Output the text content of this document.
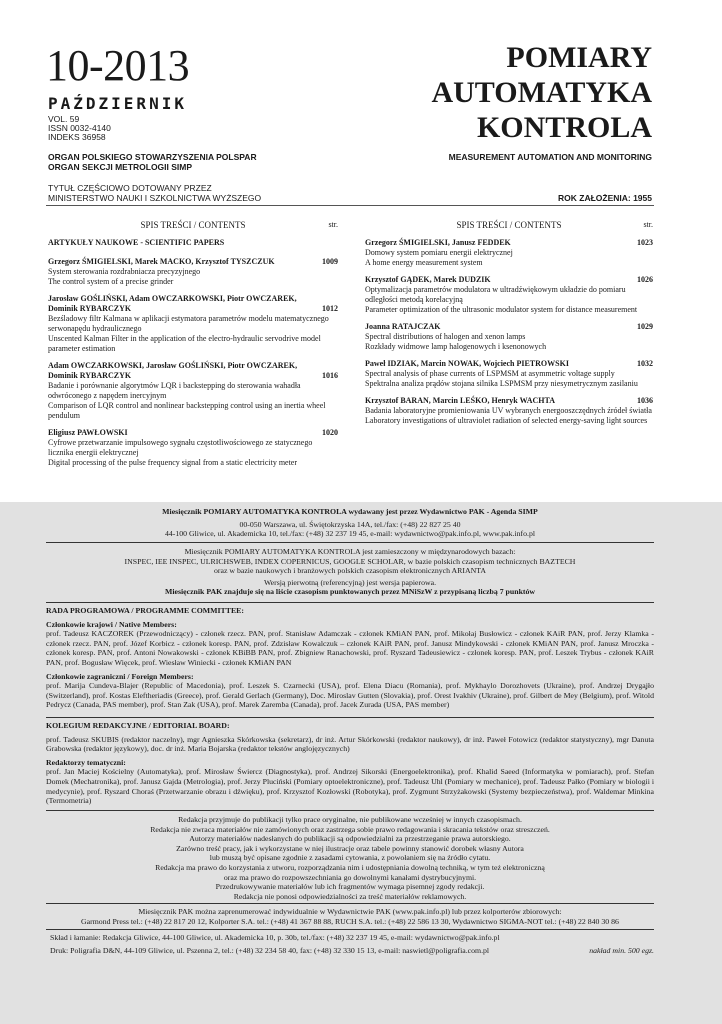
10-2013
PAŹDZIERNIK
VOL. 59
ISSN 0032-4140
INDEKS 36958
POMIARY
AUTOMATYKA
KONTROLA
ORGAN POLSKIEGO STOWARZYSZENIA POLSPAR
ORGAN SEKCJI METROLOGII SIMP
MEASUREMENT AUTOMATION AND MONITORING
TYTUŁ CZĘŚCIOWO DOTOWANY PRZEZ
MINISTERSTWO NAUKI I SZKOLNICTWA WYŻSZEGO	ROK ZAŁOŻENIA: 1955
SPIS TREŚCI / CONTENTS	str.
ARTYKUŁY NAUKOWE - SCIENTIFIC PAPERS
Grzegorz ŚMIGIELSKI, Marek MACKO, Krzysztof TYSZCZUK	1009
System sterowania rozdrabniacza precyzyjnego
The control system of a precise grinder
Jarosław GOŚLIŃSKI, Adam OWCZARKOWSKI, Piotr OWCZAREK, Dominik RYBARCZYK	1012
Bezśladowy filtr Kalmana w aplikacji estymatora parametrów modelu matematycznego serwonapędu hydraulicznego
Unscented Kalman Filter in the application of the electro-hydraulic servodrive model parameter estimation
Adam OWCZARKOWSKI, Jarosław GOŚLIŃSKI, Piotr OWCZAREK, Dominik RYBARCZYK	1016
Badanie i porównanie algorytmów LQR i backstepping do sterowania wahadła odwróconego z napędem inercyjnym
Comparison of LQR control and nonlinear backstepping control using an inertia wheel pendulum
Eligiusz PAWŁOWSKI	1020
Cyfrowe przetwarzanie impulsowego sygnału częstotliwościowego ze statycznego licznika energii elektrycznej
Digital processing of the pulse frequency signal from a static electricity meter
SPIS TREŚCI / CONTENTS	str.
Grzegorz ŚMIGIELSKI, Janusz FEDDEK	1023
Domowy system pomiaru energii elektrycznej
A home energy measurement system
Krzysztof GĄDEK, Marek DUDZIK	1026
Optymalizacja parametrów modulatora w ultradźwiękowym układzie do pomiaru odległości metodą korelacyjną
Parameter optimization of the ultrasonic modulator system for distance measurement
Joanna RATAJCZAK	1029
Spectral distributions of halogen and xenon lamps
Rozkłady widmowe lamp halogenowych i ksenonowych
Paweł IDZIAK, Marcin NOWAK, Wojciech PIETROWSKI	1032
Spectral analysis of phase currents of LSPMSM at asymmetric voltage supply
Spektralna analiza prądów stojana silnika LSPMSM przy niesymetrycznym zasilaniu
Krzysztof BARAN, Marcin LEŚKO, Henryk WACHTA	1036
Badania laboratoryjne promieniowania UV wybranych energooszczędnych źródeł światła
Laboratory investigations of ultraviolet radiation of selected energy-saving light sources
Miesięcznik POMIARY AUTOMATYKA KONTROLA wydawany jest przez Wydawnictwo PAK - Agenda SIMP
00-050 Warszawa, ul. Świętokrzyska 14A, tel./fax: (+48) 22 827 25 40
44-100 Gliwice, ul. Akademicka 10, tel./fax: (+48) 32 237 19 45, e-mail: wydawnictwo@pak.info.pl, www.pak.info.pl
Miesięcznik POMIARY AUTOMATYKA KONTROLA jest zamieszczony w międzynarodowych bazach:
INSPEC, IEE INSPEC, ULRICHSWEB, INDEX COPERNICUS, GOOGLE SCHOLAR, w bazie polskich czasopism technicznych BAZTECH
oraz w bazie naukowych i branżowych polskich czasopism elektronicznych ARIANTA
Wersją pierwotną (referencyjną) jest wersja papierowa.
Miesięcznik PAK znajduje się na liście czasopism punktowanych przez MNiSzW z przypisaną liczbą 7 punktów
RADA PROGRAMOWA / PROGRAMME COMMITTEE:
Członkowie krajowi / Native Members:
prof. Tadeusz KACZOREK (Przewodniczący) - członek rzecz. PAN, prof. Stanisław Adamczak - członek KMiAN PAN, prof. Mikołaj Busłowicz - członek KAiR PAN, prof. Jerzy Klamka - członek rzecz. PAN, prof. Józef Korbicz - członek koresp. PAN, prof. Zdzisław Kowalczuk – członek KAiR PAN, prof. Janusz Mindykowski - członek KMiAN PAN, prof. Janusz Mroczka - członek koresp. PAN, prof. Antoni Nowakowski - członek KBiBB PAN, prof. Zbigniew Ranachowski, prof. Ryszard Tadeusiewicz - członek koresp. PAN, prof. Leszek Trybus - członek KAiR PAN, prof. Bogusław Więcek, prof. Wiesław Winiecki - członek KMiAN PAN
Członkowie zagraniczni / Foreign Members:
prof. Marija Cundeva-Blajer (Republic of Macedonia), prof. Leszek S. Czarnecki (USA), prof. Elena Diacu (Romania), prof. Mykhaylo Dorozhovets (Ukraine), prof. Andrzej Dryga̧jło (Switzerland), prof. Kostas Eleftheriadis (Greece), prof. Gerald Gerlach (Germany), Doc. Miroslav Gutten (Slovakia), prof. Orest Ivakhiv (Ukraine), prof. Gilbert de Mey (Belgium), prof. Witold Pedrycz (Canada, PAS member), prof. Stan Zak (USA), prof. Marek Zaremba (Canada), prof. Jacek Zurada (USA, PAS member)
KOLEGIUM REDAKCYJNE / EDITORIAL BOARD:
prof. Tadeusz SKUBIS (redaktor naczelny), mgr Agnieszka Skórkowska (sekretarz), dr inż. Artur Skórkowski (redaktor naukowy), dr inż. Paweł Fotowicz (redaktor statystyczny), mgr Danuta Grabowska (redaktor językowy), doc. dr inż. Maria Bojarska (redaktor tekstów anglojęzycznych)
Redaktorzy tematyczni:
prof. Jan Maciej Kościelny (Automatyka), prof. Mirosław Świercz (Diagnostyka), prof. Andrzej Sikorski (Energoelektronika), prof. Khalid Saeed (Informatyka w pomiarach), prof. Stefan Domek (Mechatronika), prof. Janusz Gajda (Metrologia), prof. Jerzy Pluciński (Pomiary optoelektroniczne), prof. Tadeusz Uhl (Pomiary w mechanice), prof. Tadeusz Pałko (Pomiary w biologii i medycynie), prof. Ryszard Choraś (Przetwarzanie obrazu i dźwięku), prof. Krzysztof Kozłowski (Robotyka), prof. Zygmunt Strzyżakowski (Systemy bezpieczeństwa), prof. Waldemar Minkina (Termometria)
Redakcja przyjmuje do publikacji tylko prace oryginalne, nie publikowane wcześniej w innych czasopismach.
Redakcja nie zwraca materiałów nie zamówionych oraz zastrzega sobie prawo redagowania i skracania tekstów oraz streszczeń.
Autorzy materiałów nadesłanych do publikacji są odpowiedzialni za przestrzeganie prawa autorskiego.
Zarówno treść pracy, jak i wykorzystane w niej ilustracje oraz tabele powinny stanowić dorobek własny Autora
lub muszą być opisane zgodnie z zasadami cytowania, z powołaniem się na źródło cytatu.
Redakcja ma prawo do korzystania z utworu, rozporządzania nim i udostępniania dowolną techniką, w tym też elektroniczną
oraz ma prawo do rozpowszechniania go dowolnymi kanałami dystrybucyjnymi.
Przedrukowywanie materiałów lub ich fragmentów wymaga pisemnej zgody redakcji.
Redakcja nie ponosi odpowiedzialności za treść materiałów reklamowych.
Miesięcznik PAK można zaprenumerować indywidualnie w Wydawnictwie PAK (www.pak.info.pl) lub przez kolporterów zbiorowych:
Garmond Press tel.: (+48) 22 817 20 12, Kolporter S.A. tel.: (+48) 41 367 88 88, RUCH S.A. tel.: (+48) 22 586 13 30, Wydawnictwo SIGMA-NOT tel.: (+48) 22 840 30 86
Skład i łamanie: Redakcja Gliwice, 44-100 Gliwice, ul. Akademicka 10, p. 30b, tel./fax: (+48) 32 237 19 45, e-mail: wydawnictwo@pak.info.pl
Druk: Poligrafia D&N, 44-109 Gliwice, ul. Pszenna 2, tel.: (+48) 32 234 58 40, fax: (+48) 32 330 15 13, e-mail: naswietl@poligrafia.com.pl	nakład min. 500 egz.
